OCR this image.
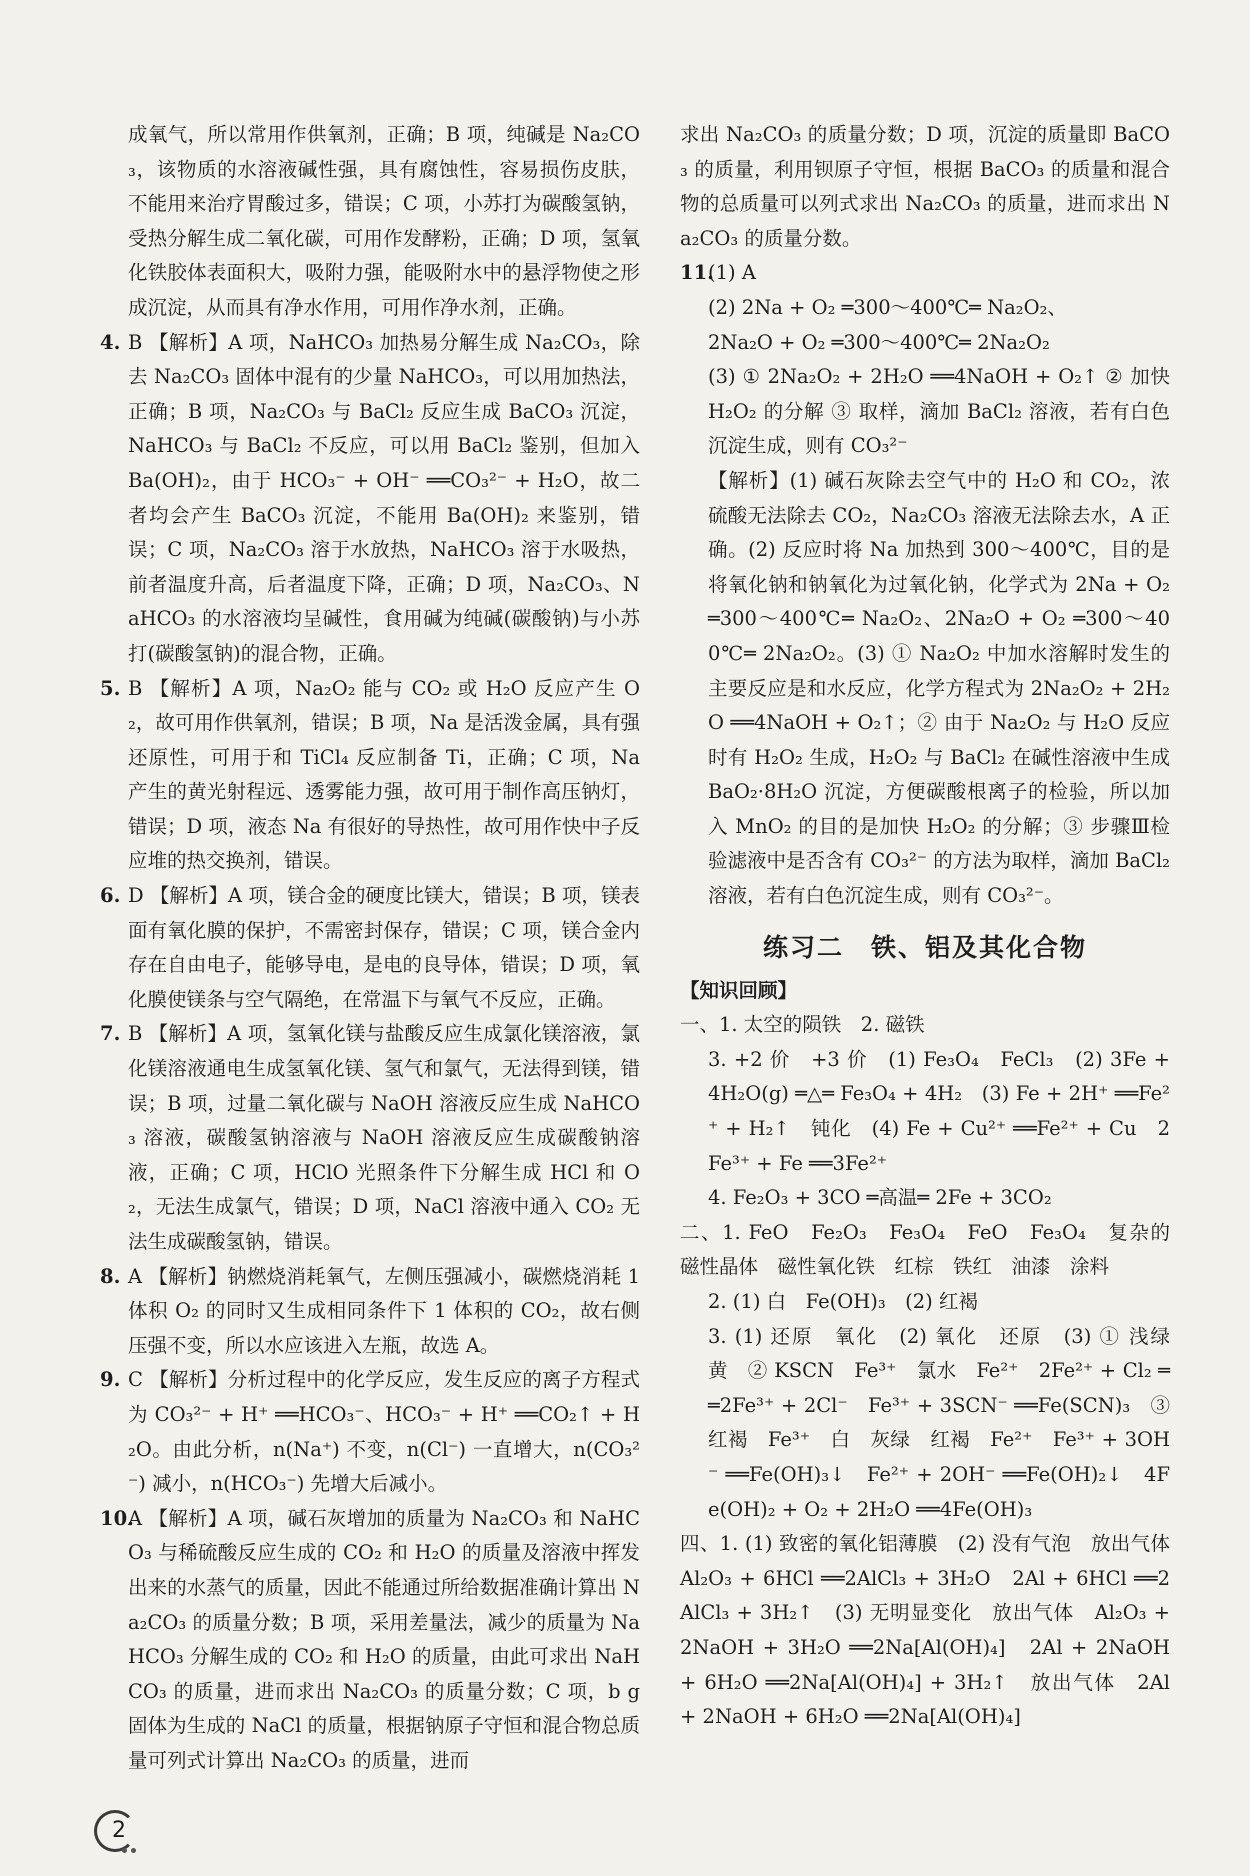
成氧气，所以常用作供氧剂，正确；B 项，纯碱是 Na₂CO₃，该物质的水溶液碱性强，具有腐蚀性，容易损伤皮肤，不能用来治疗胃酸过多，错误；C 项，小苏打为碳酸氢钠，受热分解生成二氧化碳，可用作发酵粉，正确；D 项，氢氧化铁胶体表面积大，吸附力强，能吸附水中的悬浮物使之形成沉淀，从而具有净水作用，可用作净水剂，正确。

4. B 【解析】A 项，NaHCO₃ 加热易分解生成 Na₂CO₃，除去 Na₂CO₃ 固体中混有的少量 NaHCO₃，可以用加热法，正确；B 项，Na₂CO₃ 与 BaCl₂ 反应生成 BaCO₃ 沉淀，NaHCO₃ 与 BaCl₂ 不反应，可以用 BaCl₂ 鉴别，但加入 Ba(OH)₂，由于 HCO₃⁻ + OH⁻ ══CO₃²⁻ + H₂O，故二者均会产生 BaCO₃ 沉淀，不能用 Ba(OH)₂ 来鉴别，错误；C 项，Na₂CO₃ 溶于水放热，NaHCO₃ 溶于水吸热，前者温度升高，后者温度下降，正确；D 项，Na₂CO₃、NaHCO₃ 的水溶液均呈碱性，食用碱为纯碱(碳酸钠)与小苏打(碳酸氢钠)的混合物，正确。
5. B 【解析】A 项，Na₂O₂ 能与 CO₂ 或 H₂O 反应产生 O₂，故可用作供氧剂，错误；B 项，Na 是活泼金属，具有强还原性，可用于和 TiCl₄ 反应制备 Ti，正确；C 项，Na 产生的黄光射程远、透雾能力强，故可用于制作高压钠灯，错误；D 项，液态 Na 有很好的导热性，故可用作快中子反应堆的热交换剂，错误。
6. D 【解析】A 项，镁合金的硬度比镁大，错误；B 项，镁表面有氧化膜的保护，不需密封保存，错误；C 项，镁合金内存在自由电子，能够导电，是电的良导体，错误；D 项，氧化膜使镁条与空气隔绝，在常温下与氧气不反应，正确。
7. B 【解析】A 项，氢氧化镁与盐酸反应生成氯化镁溶液，氯化镁溶液通电生成氢氧化镁、氢气和氯气，无法得到镁，错误；B 项，过量二氧化碳与 NaOH 溶液反应生成 NaHCO₃ 溶液，碳酸氢钠溶液与 NaOH 溶液反应生成碳酸钠溶液，正确；C 项，HClO 光照条件下分解生成 HCl 和 O₂，无法生成氯气，错误；D 项，NaCl 溶液中通入 CO₂ 无法生成碳酸氢钠，错误。
8. A 【解析】钠燃烧消耗氧气，左侧压强减小，碳燃烧消耗 1 体积 O₂ 的同时又生成相同条件下 1 体积的 CO₂，故右侧压强不变，所以水应该进入左瓶，故选 A。
9. C 【解析】分析过程中的化学反应，发生反应的离子方程式为 CO₃²⁻ + H⁺ ══HCO₃⁻、HCO₃⁻ + H⁺ ══CO₂↑ + H₂O。由此分析，n(Na⁺) 不变，n(Cl⁻) 一直增大，n(CO₃²⁻) 减小，n(HCO₃⁻) 先增大后减小。
10.
A 【解析】A 项，碱石灰增加的质量为 Na₂CO₃ 和 NaHCO₃ 与稀硫酸反应生成的 CO₂ 和 H₂O 的质量及溶液中挥发出来的水蒸气的质量，因此不能通过所给数据准确计算出 Na₂CO₃ 的质量分数；B 项，采用差量法，减少的质量为 NaHCO₃ 分解生成的 CO₂ 和 H₂O 的质量，由此可求出 NaHCO₃ 的质量，进而求出 Na₂CO₃ 的质量分数；C 项，b g 固体为生成的 NaCl 的质量，根据钠原子守恒和混合物总质量可列式计算出 Na₂CO₃ 的质量，进而

求出 Na₂CO₃ 的质量分数；D 项，沉淀的质量即 BaCO₃ 的质量，利用钡原子守恒，根据 BaCO₃ 的质量和混合物的总质量可以列式求出 Na₂CO₃ 的质量，进而求出 Na₂CO₃ 的质量分数。

11.
(1) A
(2) 2Na + O₂ ═300～400℃═ Na₂O₂、
2Na₂O + O₂ ═300～400℃═ 2Na₂O₂
(3) ① 2Na₂O₂ + 2H₂O ══4NaOH + O₂↑ ② 加快 H₂O₂ 的分解 ③ 取样，滴加 BaCl₂ 溶液，若有白色沉淀生成，则有 CO₃²⁻
【解析】(1) 碱石灰除去空气中的 H₂O 和 CO₂，浓硫酸无法除去 CO₂，Na₂CO₃ 溶液无法除去水，A 正确。(2) 反应时将 Na 加热到 300～400℃，目的是将氧化钠和钠氧化为过氧化钠，化学式为 2Na + O₂ ═300～400℃═ Na₂O₂、2Na₂O + O₂ ═300～400℃═ 2Na₂O₂。(3) ① Na₂O₂ 中加水溶解时发生的主要反应是和水反应，化学方程式为 2Na₂O₂ + 2H₂O ══4NaOH + O₂↑；② 由于 Na₂O₂ 与 H₂O 反应时有 H₂O₂ 生成，H₂O₂ 与 BaCl₂ 在碱性溶液中生成 BaO₂·8H₂O 沉淀，方便碳酸根离子的检验，所以加入 MnO₂ 的目的是加快 H₂O₂ 的分解；③ 步骤Ⅲ检验滤液中是否含有 CO₃²⁻ 的方法为取样，滴加 BaCl₂ 溶液，若有白色沉淀生成，则有 CO₃²⁻。
练习二　铁、铝及其化合物
【知识回顾】
一、1. 太空的陨铁　2. 磁铁
3. +2 价　+3 价　(1) Fe₃O₄　FeCl₃　(2) 3Fe + 4H₂O(g) ═△═ Fe₃O₄ + 4H₂　(3) Fe + 2H⁺ ══Fe²⁺ + H₂↑　钝化　(4) Fe + Cu²⁺ ══Fe²⁺ + Cu　2Fe³⁺ + Fe ══3Fe²⁺
4. Fe₂O₃ + 3CO ═高温═ 2Fe + 3CO₂
二、1. FeO　Fe₂O₃　Fe₃O₄　FeO　Fe₃O₄　复杂的　磁性晶体　磁性氧化铁　红棕　铁红　油漆　涂料
2. (1) 白　Fe(OH)₃　(2) 红褐
3. (1) 还原　氧化　(2) 氧化　还原　(3) ① 浅绿　黄　② KSCN　Fe³⁺　氯水　Fe²⁺　2Fe²⁺ + Cl₂ ══2Fe³⁺ + 2Cl⁻　Fe³⁺ + 3SCN⁻ ══Fe(SCN)₃　③ 红褐　Fe³⁺　白　灰绿　红褐　Fe²⁺　Fe³⁺ + 3OH⁻ ══Fe(OH)₃↓　Fe²⁺ + 2OH⁻ ══Fe(OH)₂↓　4Fe(OH)₂ + O₂ + 2H₂O ══4Fe(OH)₃
四、1. (1) 致密的氧化铝薄膜　(2) 没有气泡　放出气体　Al₂O₃ + 6HCl ══2AlCl₃ + 3H₂O　2Al + 6HCl ══2AlCl₃ + 3H₂↑　(3) 无明显变化　放出气体　Al₂O₃ + 2NaOH + 3H₂O ══2Na[Al(OH)₄]　2Al + 2NaOH + 6H₂O ══2Na[Al(OH)₄] + 3H₂↑　放出气体　2Al + 2NaOH + 6H₂O ══2Na[Al(OH)₄]
2
